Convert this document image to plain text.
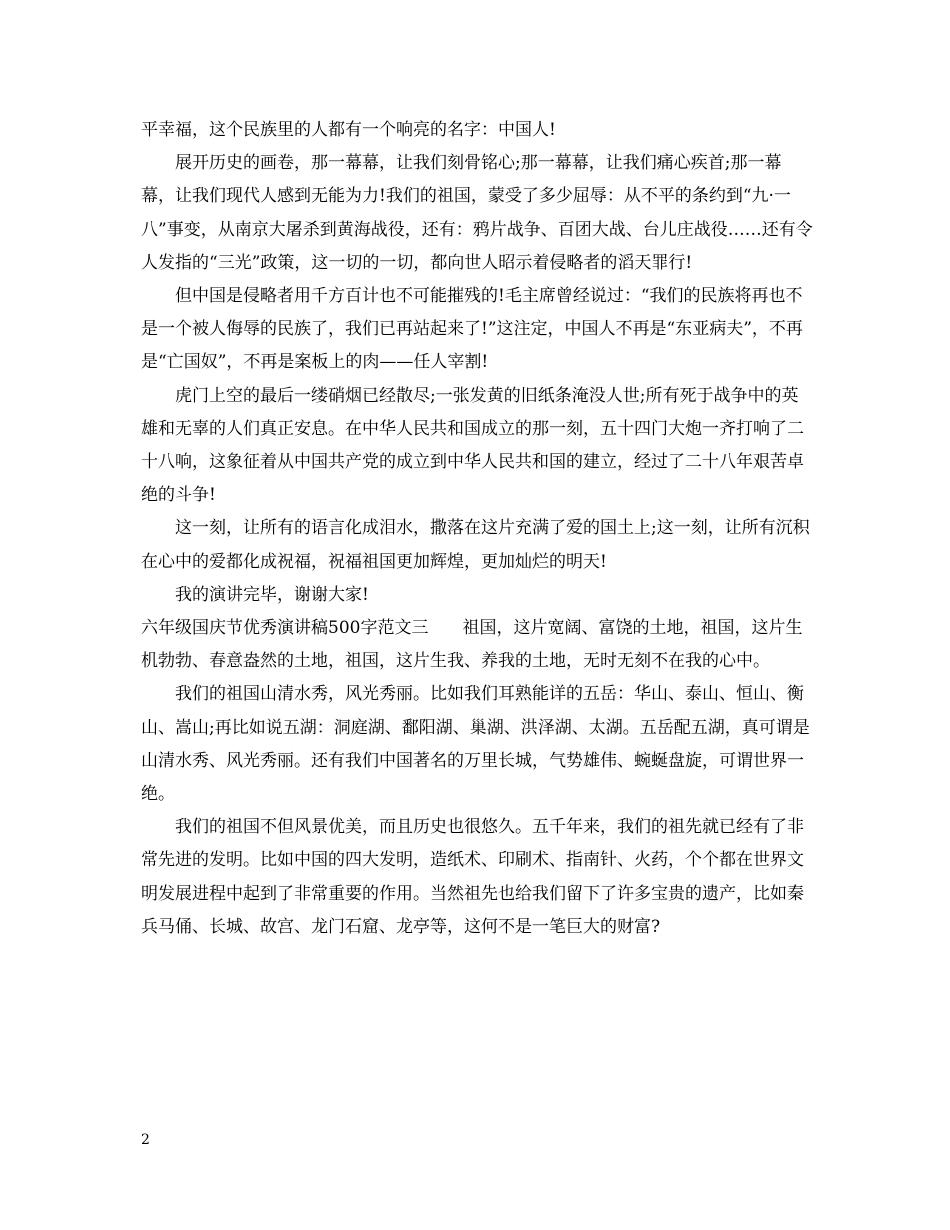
平幸福，这个民族里的人都有一个响亮的名字：中国人!

展开历史的画卷，那一幕幕，让我们刻骨铭心;那一幕幕，让我们痛心疾首;那一幕幕，让我们现代人感到无能为力!我们的祖国，蒙受了多少屈辱：从不平的条约到“九·一八”事变，从南京大屠杀到黄海战役，还有：鸦片战争、百团大战、台儿庄战役……还有令人发指的“三光”政策，这一切的一切，都向世人昭示着侵略者的滔天罪行!

但中国是侵略者用千方百计也不可能摧残的!毛主席曾经说过：“我们的民族将再也不是一个被人侮辱的民族了，我们已再站起来了!”这注定，中国人不再是“东亚病夫”，不再是“亡国奴”，不再是案板上的肉——任人宰割!

虎门上空的最后一缕硝烟已经散尽;一张发黄的旧纸条淹没人世;所有死于战争中的英雄和无辜的人们真正安息。在中华人民共和国成立的那一刻，五十四门大炮一齐打响了二十八响，这象征着从中国共产党的成立到中华人民共和国的建立，经过了二十八年艰苦卓绝的斗争!

这一刻，让所有的语言化成泪水，撒落在这片充满了爱的国土上;这一刻，让所有沉积在心中的爱都化成祝福，祝福祖国更加辉煌，更加灿烂的明天!

我的演讲完毕，谢谢大家!

六年级国庆节优秀演讲稿500字范文三　　祖国，这片宽阔、富饶的土地，祖国，这片生机勃勃、春意盎然的土地，祖国，这片生我、养我的土地，无时无刻不在我的心中。

我们的祖国山清水秀，风光秀丽。比如我们耳熟能详的五岳：华山、泰山、恒山、衡山、嵩山;再比如说五湖：洞庭湖、鄱阳湖、巢湖、洪泽湖、太湖。五岳配五湖，真可谓是山清水秀、风光秀丽。还有我们中国著名的万里长城，气势雄伟、蜿蜒盘旋，可谓世界一绝。

我们的祖国不但风景优美，而且历史也很悠久。五千年来，我们的祖先就已经有了非常先进的发明。比如中国的四大发明，造纸术、印刷术、指南针、火药，个个都在世界文明发展进程中起到了非常重要的作用。当然祖先也给我们留下了许多宝贵的遗产，比如秦兵马俑、长城、故宫、龙门石窟、龙亭等，这何不是一笔巨大的财富?

2
